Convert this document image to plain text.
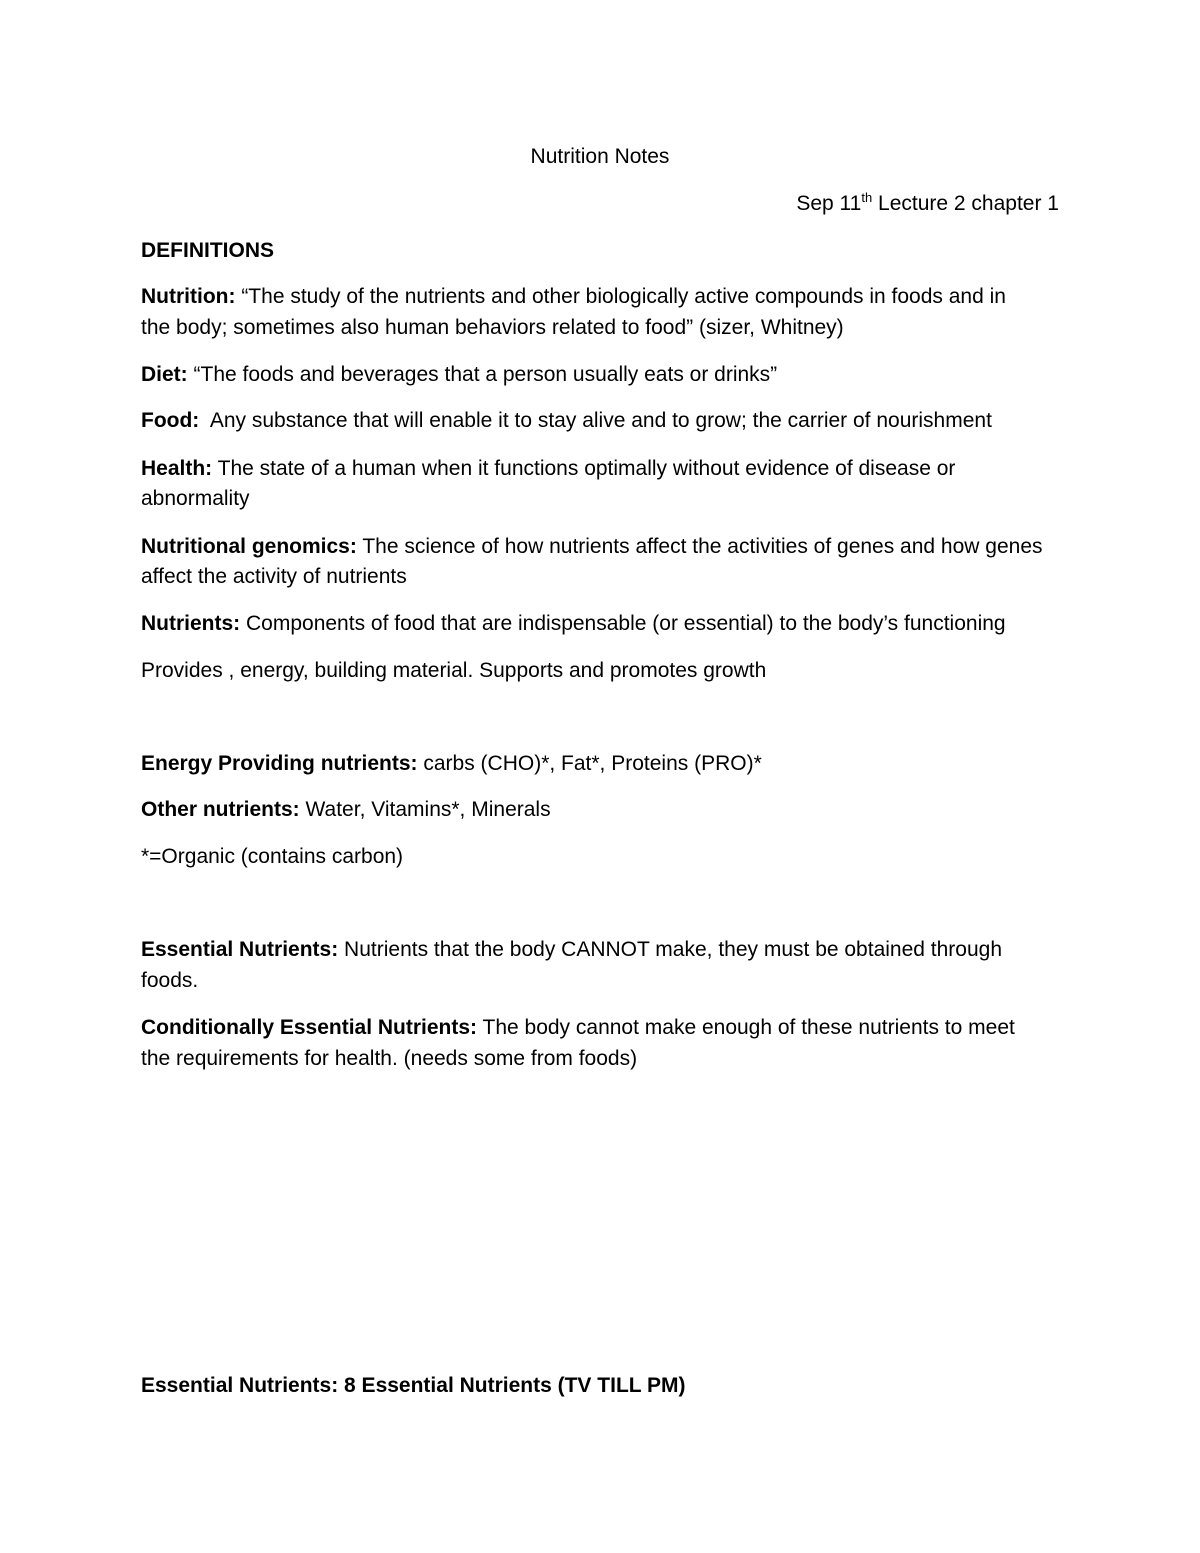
Nutrition Notes
Sep 11th Lecture 2 chapter 1
DEFINITIONS
Nutrition: “The study of the nutrients and other biologically active compounds in foods and in
the body; sometimes also human behaviors related to food” (sizer, Whitney)
Diet: “The foods and beverages that a person usually eats or drinks”
Food:  Any substance that will enable it to stay alive and to grow; the carrier of nourishment
Health: The state of a human when it functions optimally without evidence of disease or
abnormality
Nutritional genomics: The science of how nutrients affect the activities of genes and how genes
affect the activity of nutrients
Nutrients: Components of food that are indispensable (or essential) to the body’s functioning
Provides , energy, building material. Supports and promotes growth
Energy Providing nutrients: carbs (CHO)*, Fat*, Proteins (PRO)*
Other nutrients: Water, Vitamins*, Minerals
*=Organic (contains carbon)
Essential Nutrients: Nutrients that the body CANNOT make, they must be obtained through
foods.
Conditionally Essential Nutrients: The body cannot make enough of these nutrients to meet
the requirements for health. (needs some from foods)
Essential Nutrients: 8 Essential Nutrients (TV TILL PM)
